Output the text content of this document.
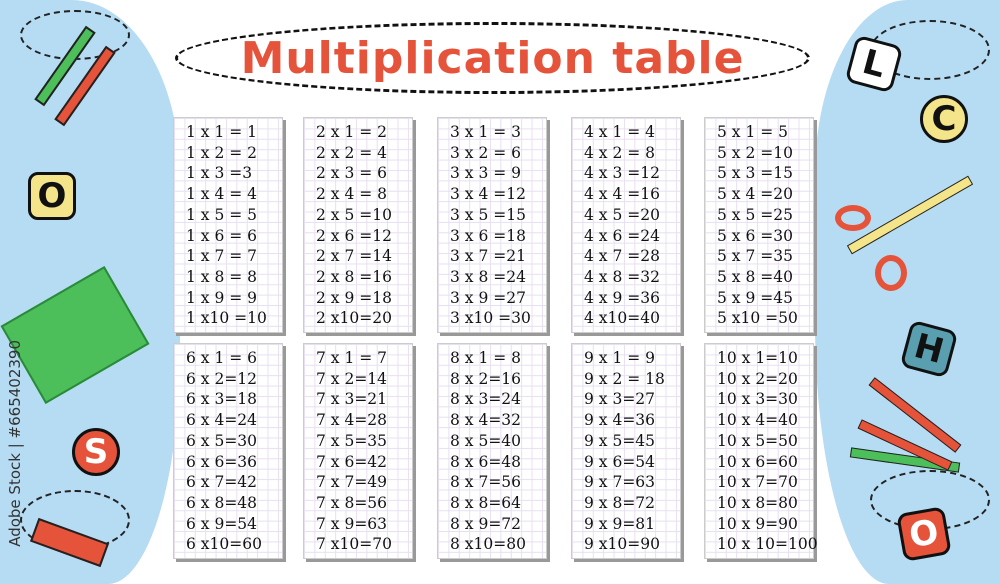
Multiplication table
1 x 1 = 1
1 x 2 = 2
1 x 3 =3
1 x 4 = 4
1 x 5 = 5
1 x 6 = 6
1 x 7 = 7
1 x 8 = 8
1 x 9 = 9
1 x10 =10
2 x 1 = 2
2 x 2 = 4
2 x 3 = 6
2 x 4 = 8
2 x 5 =10
2 x 6 =12
2 x 7 =14
2 x 8 =16
2 x 9 =18
2 x10=20
3 x 1 = 3
3 x 2 = 6
3 x 3 = 9
3 x 4 =12
3 x 5 =15
3 x 6 =18
3 x 7 =21
3 x 8 =24
3 x 9 =27
3 x10 =30
4 x 1 = 4
4 x 2 = 8
4 x 3 =12
4 x 4 =16
4 x 5 =20
4 x 6 =24
4 x 7 =28
4 x 8 =32
4 x 9 =36
4 x10=40
5 x 1 = 5
5 x 2 =10
5 x 3 =15
5 x 4 =20
5 x 5 =25
5 x 6 =30
5 x 7 =35
5 x 8 =40
5 x 9 =45
5 x10 =50
6 x 1 = 6
6 x 2=12
6 x 3=18
6 x 4=24
6 x 5=30
6 x 6=36
6 x 7=42
6 x 8=48
6 x 9=54
6 x10=60
7 x 1 = 7
7 x 2=14
7 x 3=21
7 x 4=28
7 x 5=35
7 x 6=42
7 x 7=49
7 x 8=56
7 x 9=63
7 x10=70
8 x 1 = 8
8 x 2=16
8 x 3=24
8 x 4=32
8 x 5=40
8 x 6=48
8 x 7=56
8 x 8=64
8 x 9=72
8 x10=80
9 x 1 = 9
9 x 2 = 18
9 x 3=27
9 x 4=36
9 x 5=45
9 x 6=54
9 x 7=63
9 x 8=72
9 x 9=81
9 x10=90
10 x 1=10
10 x 2=20
10 x 3=30
10 x 4=40
10 x 5=50
10 x 6=60
10 x 7=70
10 x 8=80
10 x 9=90
10 x 10=100
O
S
L
C
H
O
Adobe Stock | #665402390
